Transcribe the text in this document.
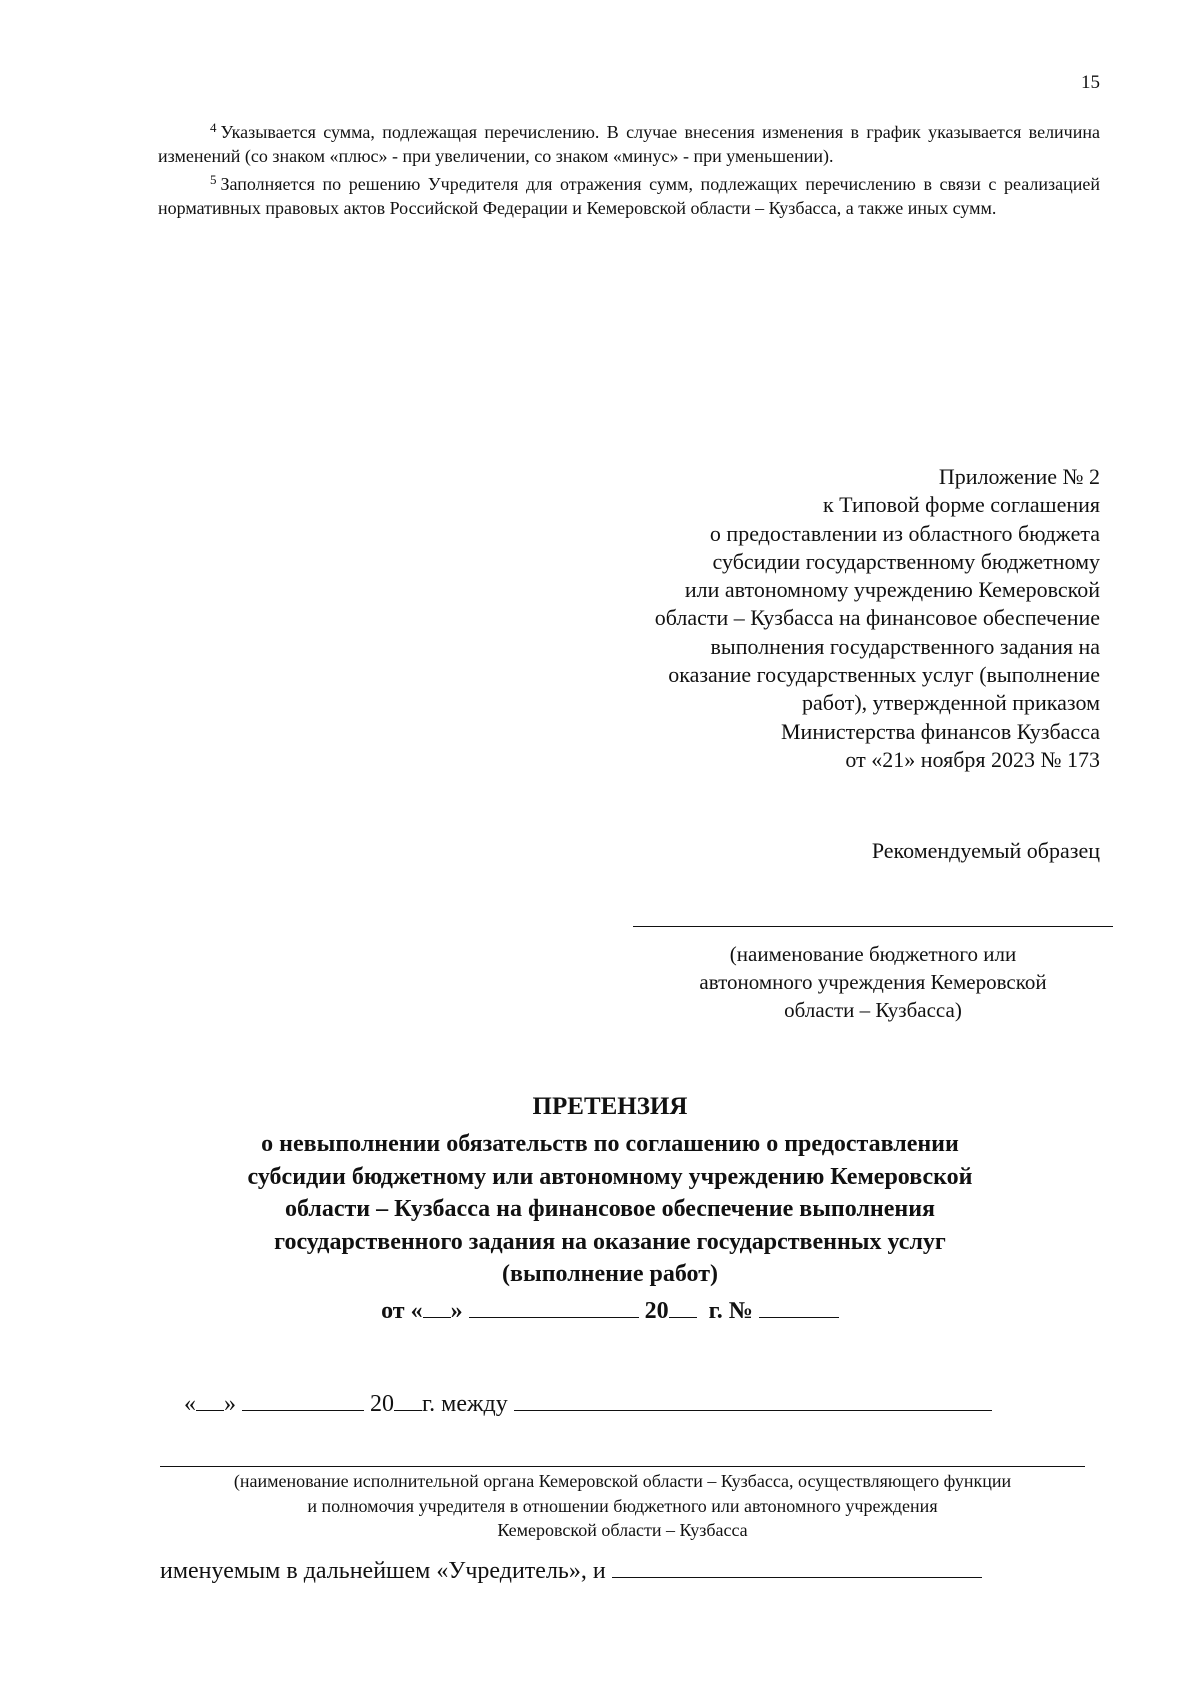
15

$^4$ Указывается сумма, подлежащая перечислению. В случае внесения изменения в график указывается величина изменений (со знаком «плюс» - при увеличении, со знаком «минус» - при уменьшении).

$^5$ Заполняется по решению Учредителя для отражения сумм, подлежащих перечислению в связи с реализацией нормативных правовых актов Российской Федерации и Кемеровской области – Кузбасса, а также иных сумм.

Приложение № 2
к Типовой форме соглашения
о предоставлении из областного бюджета
субсидии государственному бюджетному
или автономному учреждению Кемеровской
области – Кузбасса на финансовое обеспечение
выполнения государственного задания на
оказание государственных услуг (выполнение
работ), утвержденной приказом
Министерства финансов Кузбасса
от «21» ноября 2023 № 173
Рекомендуемый образец
(наименование бюджетного или
автономного учреждения Кемеровской
области – Кузбасса)
ПРЕТЕНЗИЯ
о невыполнении обязательств по соглашению о предоставлении
субсидии бюджетному или автономному учреждению Кемеровской
области – Кузбасса на финансовое обеспечение выполнения
государственного задания на оказание государственных услуг
(выполнение работ)
от « »	20  г. №
« »	20 г. между
(наименование исполнительной органа Кемеровской области – Кузбасса, осуществляющего функции
и полномочия учредителя в отношении бюджетного или автономного учреждения
Кемеровской области – Кузбасса
именуемым в дальнейшем «Учредитель», и
